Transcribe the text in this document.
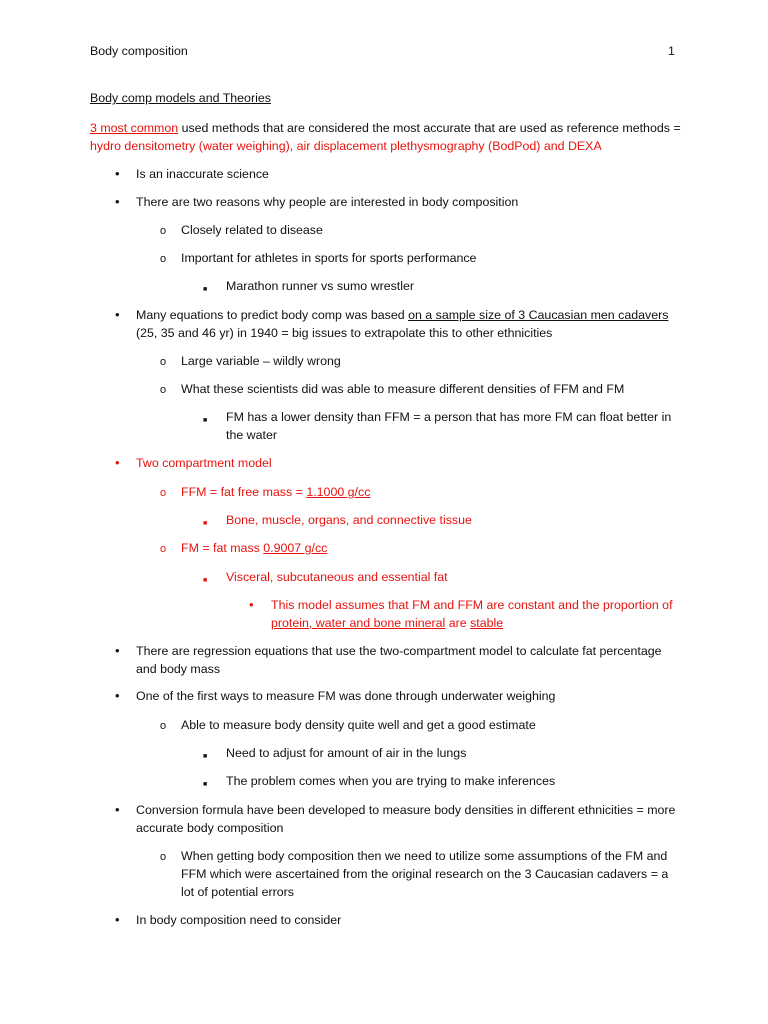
Body composition	1
Body comp models and Theories
3 most common used methods that are considered the most accurate that are used as reference methods = hydro densitometry (water weighing), air displacement plethysmography (BodPod) and DEXA
• Is an inaccurate science
• There are two reasons why people are interested in body composition
o Closely related to disease
o Important for athletes in sports for sports performance
■ Marathon runner vs sumo wrestler
• Many equations to predict body comp was based on a sample size of 3 Caucasian men cadavers (25, 35 and 46 yr) in 1940 = big issues to extrapolate this to other ethnicities
o Large variable – wildly wrong
o What these scientists did was able to measure different densities of FFM and FM
■ FM has a lower density than FFM = a person that has more FM can float better in the water
• Two compartment model
o FFM = fat free mass = 1.1000 g/cc
■ Bone, muscle, organs, and connective tissue
o FM = fat mass 0.9007 g/cc
■ Visceral, subcutaneous and essential fat
• This model assumes that FM and FFM are constant and the proportion of protein, water and bone mineral are stable
• There are regression equations that use the two-compartment model to calculate fat percentage and body mass
• One of the first ways to measure FM was done through underwater weighing
o Able to measure body density quite well and get a good estimate
■ Need to adjust for amount of air in the lungs
■ The problem comes when you are trying to make inferences
• Conversion formula have been developed to measure body densities in different ethnicities = more accurate body composition
o When getting body composition then we need to utilize some assumptions of the FM and FFM which were ascertained from the original research on the 3 Caucasian cadavers = a lot of potential errors
• In body composition need to consider
